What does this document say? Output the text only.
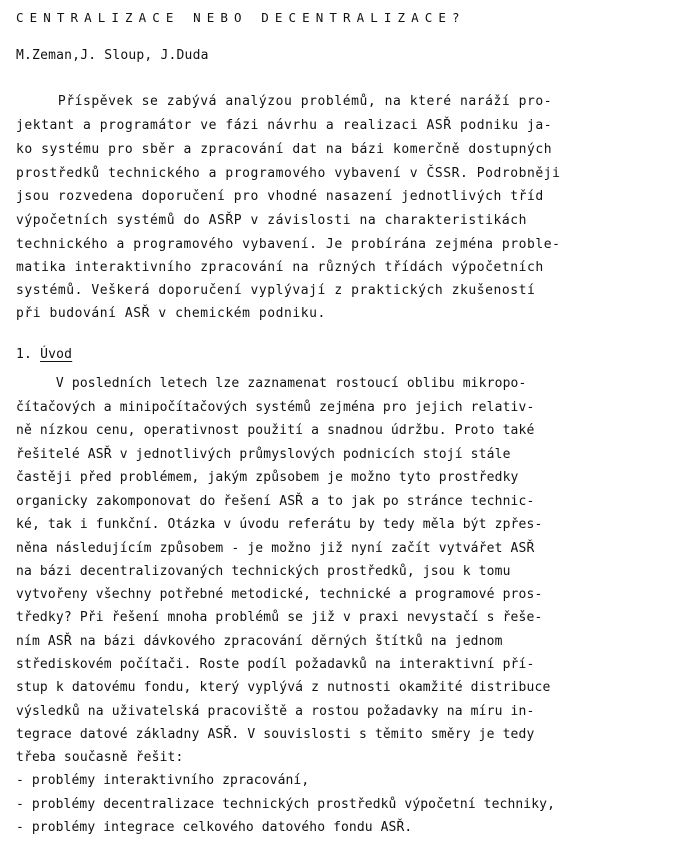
CENTRALIZACE NEBO DECENTRALIZACE?
M.Zeman,J. Sloup, J.Duda
Příspěvek se zabývá analýzou problémů, na které naráží pro-
jektant a programátor ve fázi návrhu a realizaci ASŘ podniku ja-
ko systému pro sběr a zpracování dat na bázi komerčně dostupných
prostředků technického a programového vybavení v ČSSR. Podrobněji
jsou rozvedena doporučení pro vhodné nasazení jednotlivých tříd
výpočetních systémů do ASŘP v závislosti na charakteristikách
technického a programového vybavení. Je probírána zejména proble-
matika interaktivního zpracování na různých třídách výpočetních
systémů. Veškerá doporučení vyplývají z praktických zkušeností
při budování ASŘ v chemickém podniku.
1. Úvod
V posledních letech lze zaznamenat rostoucí oblibu mikropo-
čítačových a minipočítačových systémů zejména pro jejich relativ-
ně nízkou cenu, operativnost použití a snadnou údržbu. Proto také
řešitelé ASŘ v jednotlivých průmyslových podnicích stojí stále
častěji před problémem, jakým způsobem je možno tyto prostředky
organicky zakomponovat do řešení ASŘ a to jak po stránce technic-
ké, tak i funkční. Otázka v úvodu referátu by tedy měla být zpřes-
něna následujícím způsobem - je možno již nyní začít vytvářet ASŘ
na bázi decentralizovaných technických prostředků, jsou k tomu
vytvořeny všechny potřebné metodické, technické a programové pros-
tředky? Při řešení mnoha problémů se již v praxi nevystačí s řeše-
ním ASŘ na bázi dávkového zpracování děrných štítků na jednom
střediskovém počítači. Roste podíl požadavků na interaktivní pří-
stup k datovému fondu, který vyplývá z nutnosti okamžité distribuce
výsledků na uživatelská pracoviště a rostou požadavky na míru in-
tegrace datové základny ASŘ. V souvislosti s těmito směry je tedy
třeba současně řešit:
- problémy interaktivního zpracování,
- problémy decentralizace technických prostředků výpočetní techniky,
- problémy integrace celkového datového fondu ASŘ.
